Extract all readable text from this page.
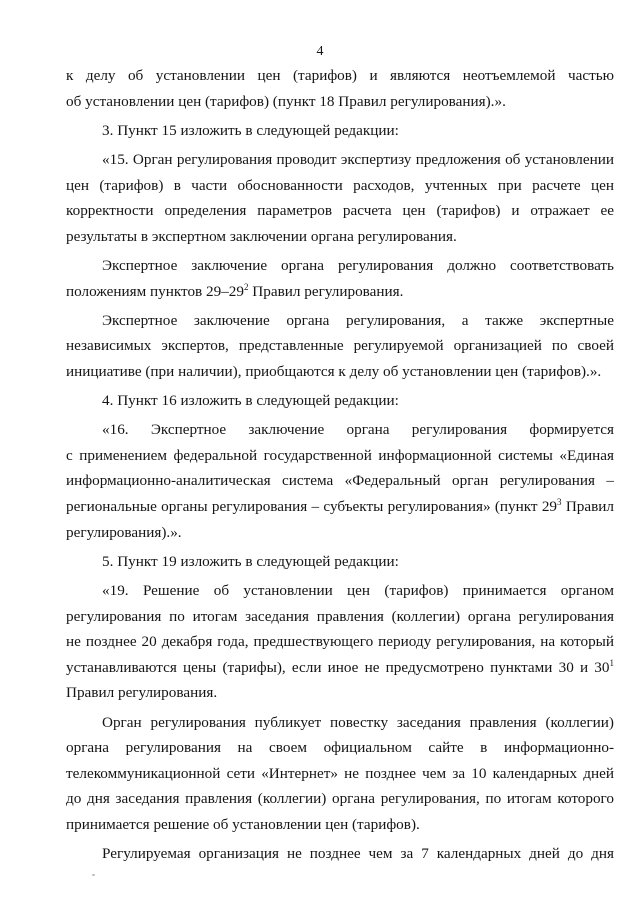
4
к делу об установлении цен (тарифов) и являются неотъемлемой частью
об установлении цен (тарифов) (пункт 18 Правил регулирования).».
3. Пункт 15 изложить в следующей редакции:
«15. Орган регулирования проводит экспертизу предложения об установлении
цен (тарифов) в части обоснованности расходов, учтенных при расчете цен
корректности определения параметров расчета цен (тарифов) и отражает ее
результаты в экспертном заключении органа регулирования.
Экспертное заключение органа регулирования должно соответствовать
положениям пунктов $29-29^2$ Правил регулирования.
Экспертное заключение органа регулирования, а также экспертные
независимых экспертов, представленные регулируемой организацией по своей
инициативе (при наличии), приобщаются к делу об установлении цен (тарифов).».
4. Пункт 16 изложить в следующей редакции:
«16. Экспертное заключение органа регулирования формируется
с применением федеральной государственной информационной системы «Единая
информационно-аналитическая система «Федеральный орган регулирования –
региональные органы регулирования – субъекты регулирования» (пункт $29^3$ Правил
регулирования).».
5. Пункт 19 изложить в следующей редакции:
«19. Решение об установлении цен (тарифов) принимается органом
регулирования по итогам заседания правления (коллегии) органа регулирования
не позднее 20 декабря года, предшествующего периоду регулирования, на который
устанавливаются цены (тарифы), если иное не предусмотрено пунктами 30 и $30^1$
Правил регулирования.
Орган регулирования публикует повестку заседания правления (коллегии)
органа регулирования на своем официальном сайте в информационно-
телекоммуникационной сети «Интернет» не позднее чем за 10 календарных дней
до дня заседания правления (коллегии) органа регулирования, по итогам которого
принимается решение об установлении цен (тарифов).
Регулируемая организация не позднее чем за 7 календарных дней до дня
